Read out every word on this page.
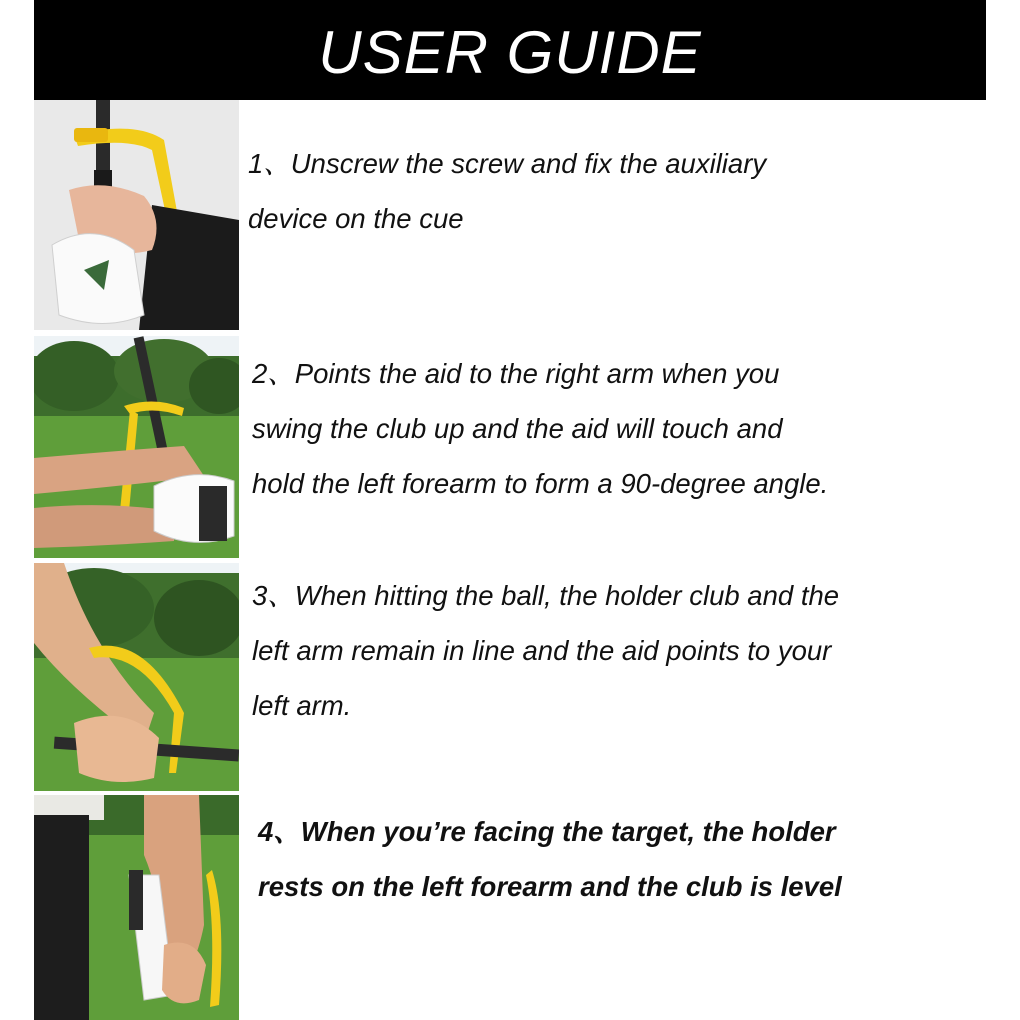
USER GUIDE
1、Unscrew the screw and fix the auxiliary
device on the cue
2、Points the aid to the right arm when you
swing the club up and the aid will touch and
hold the left forearm to form a 90-degree angle.
3、When hitting the ball, the holder club and the
left arm remain in line and the aid points to your
left arm.
4、When you’re facing the target, the holder
rests on the left forearm and the club is level
